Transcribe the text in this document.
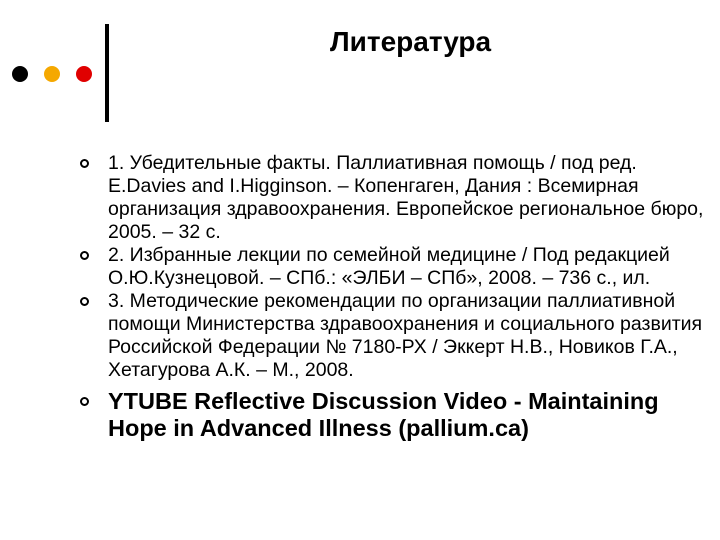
Литература
1. Убедительные факты. Паллиативная помощь / под ред. E.Davies and I.Higginson. – Копенгаген, Дания : Всемирная организация здравоохранения. Европейское региональное бюро, 2005. – 32 с.
2. Избранные лекции по семейной медицине / Под редакцией О.Ю.Кузнецовой. – СПб.: «ЭЛБИ – СПб», 2008. – 736 с., ил.
3. Методические рекомендации по организации паллиативной помощи Министерства здравоохранения и социального развития Российской Федерации № 7180-РХ / Эккерт Н.В., Новиков Г.А., Хетагурова А.К. – М., 2008.
YTUBE Reflective Discussion Video - Maintaining Hope in Advanced Illness (pallium.ca)
